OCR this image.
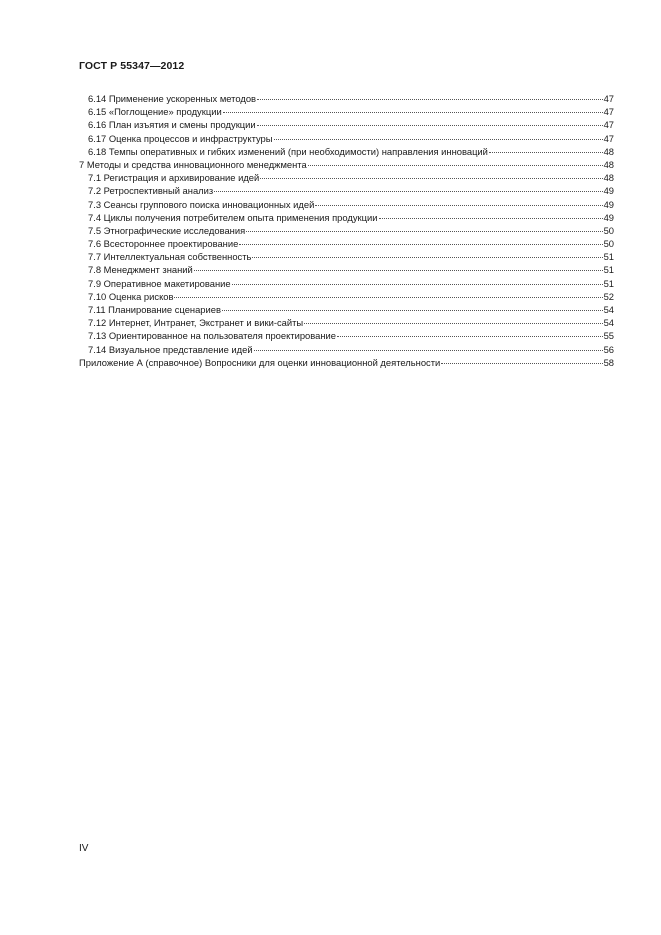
ГОСТ Р 55347—2012
6.14 Применение ускоренных методов	47
6.15 «Поглощение» продукции	47
6.16 План изъятия и смены продукции	47
6.17 Оценка процессов и инфраструктуры	47
6.18 Темпы оперативных и гибких изменений (при необходимости) направления инноваций	48
7 Методы и средства инновационного менеджмента	48
7.1 Регистрация и архивирование идей	48
7.2 Ретроспективный анализ	49
7.3 Сеансы группового поиска инновационных идей	49
7.4 Циклы получения потребителем опыта применения продукции	49
7.5 Этнографические исследования	50
7.6 Всестороннее проектирование	50
7.7 Интеллектуальная собственность	51
7.8 Менеджмент знаний	51
7.9 Оперативное макетирование	51
7.10 Оценка рисков	52
7.11 Планирование сценариев	54
7.12 Интернет, Интранет, Экстранет и вики-сайты	54
7.13 Ориентированное на пользователя проектирование	55
7.14 Визуальное представление идей	56
Приложение А (справочное) Вопросники для оценки инновационной деятельности	58
IV
